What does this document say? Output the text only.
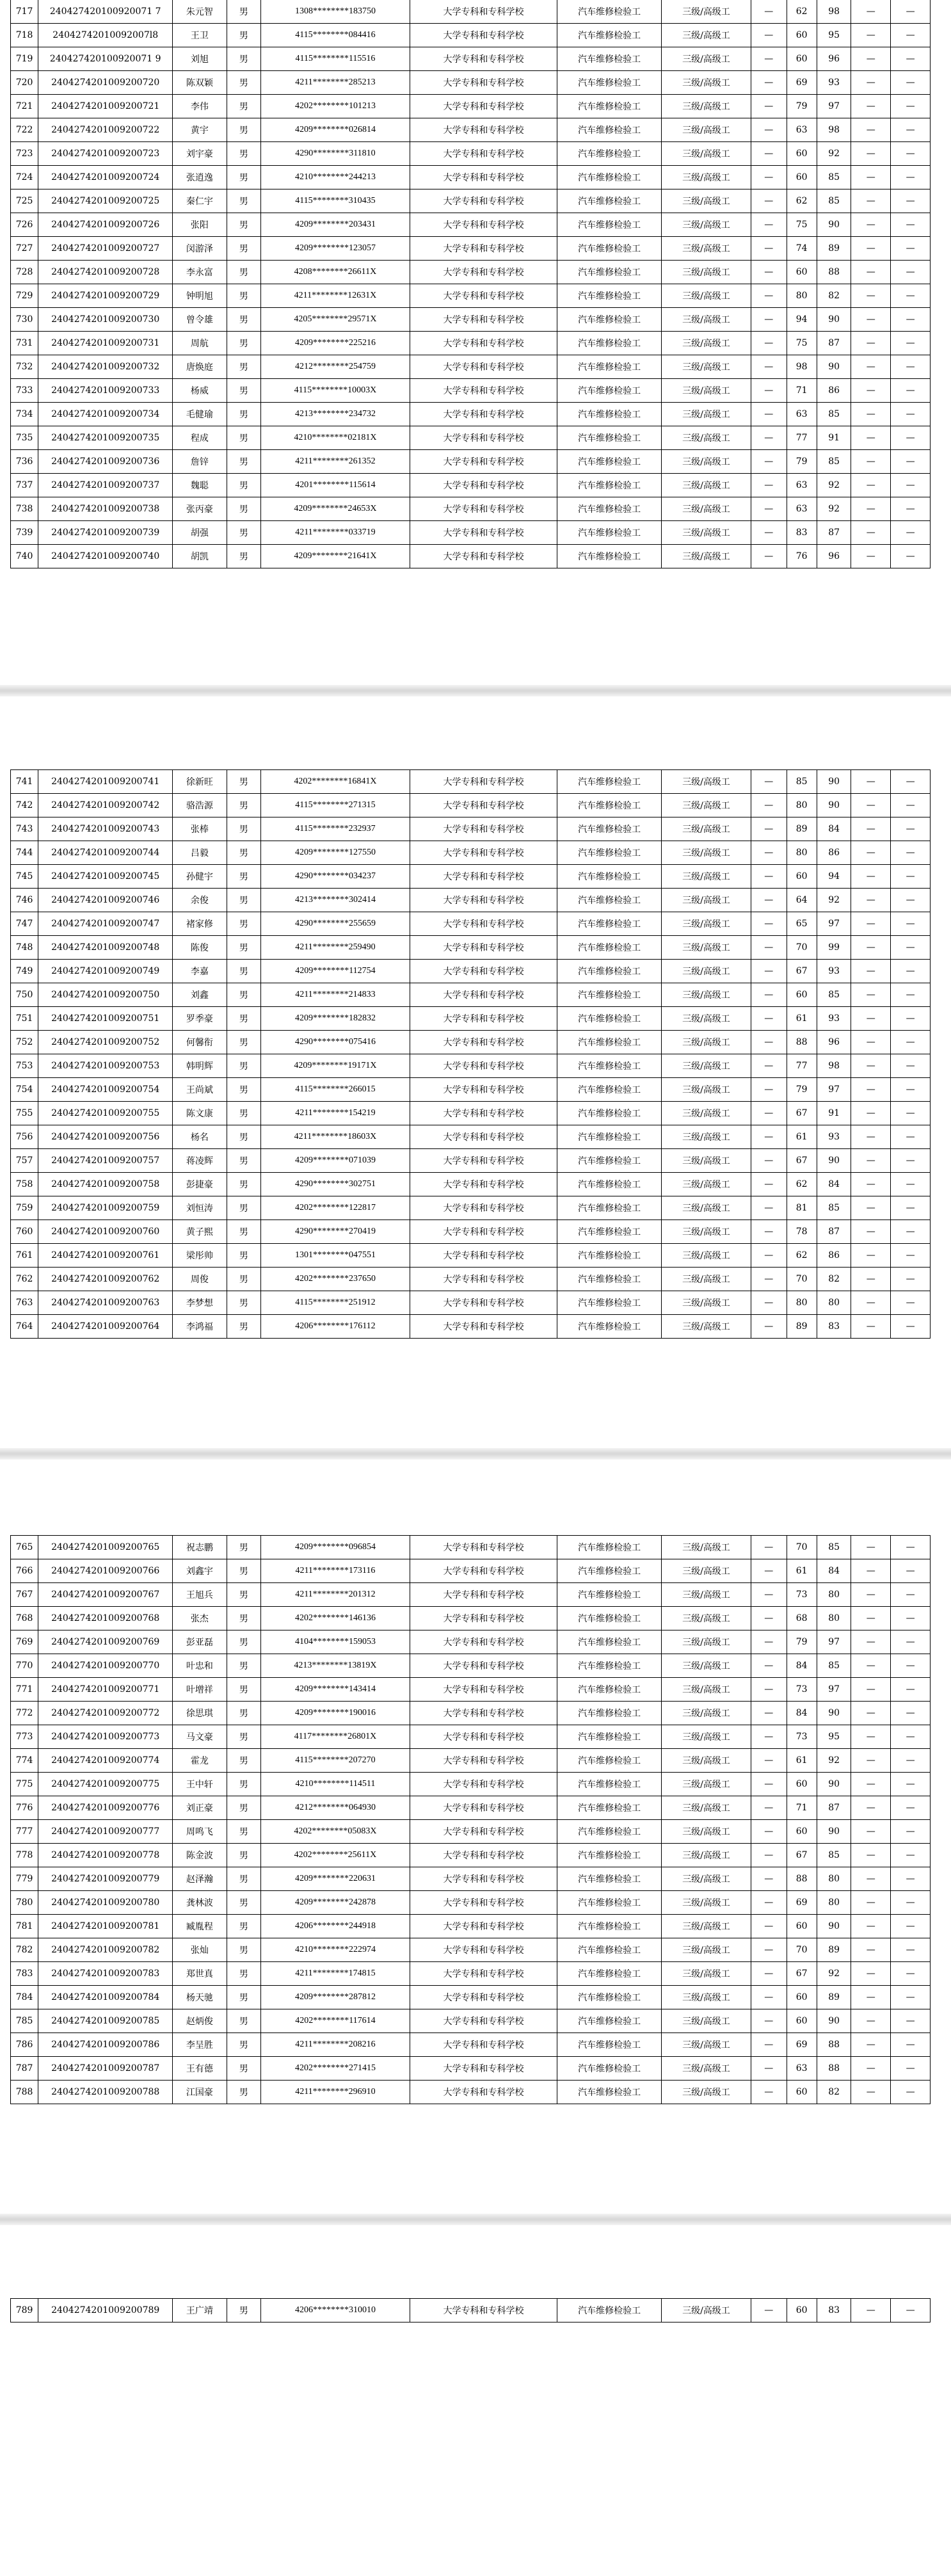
717	240427420100920071 7	朱元智	男	1308********183750	大学专科和专科学校	汽车维修检验工	三级/高级工	—	62	98	—	—
718	24042742010092007l8	王卫	男	4115********084416	大学专科和专科学校	汽车维修检验工	三级/高级工	—	60	95	—	—
719	240427420100920071 9	刘旭	男	4115********115516	大学专科和专科学校	汽车维修检验工	三级/高级工	—	60	96	—	—
720	2404274201009200720	陈双颖	男	4211********285213	大学专科和专科学校	汽车维修检验工	三级/高级工	—	69	93	—	—
721	2404274201009200721	李伟	男	4202********101213	大学专科和专科学校	汽车维修检验工	三级/高级工	—	79	97	—	—
722	2404274201009200722	黄宇	男	4209********026814	大学专科和专科学校	汽车维修检验工	三级/高级工	—	63	98	—	—
723	2404274201009200723	刘宇豪	男	4290********311810	大学专科和专科学校	汽车维修检验工	三级/高级工	—	60	92	—	—
724	2404274201009200724	张逍逸	男	4210********244213	大学专科和专科学校	汽车维修检验工	三级/高级工	—	60	85	—	—
725	2404274201009200725	秦仁宇	男	4115********310435	大学专科和专科学校	汽车维修检验工	三级/高级工	—	62	85	—	—
726	2404274201009200726	张阳	男	4209********203431	大学专科和专科学校	汽车维修检验工	三级/高级工	—	75	90	—	—
727	2404274201009200727	闵游泽	男	4209********123057	大学专科和专科学校	汽车维修检验工	三级/高级工	—	74	89	—	—
728	2404274201009200728	李永富	男	4208********26611X	大学专科和专科学校	汽车维修检验工	三级/高级工	—	60	88	—	—
729	2404274201009200729	钟明旭	男	4211********12631X	大学专科和专科学校	汽车维修检验工	三级/高级工	—	80	82	—	—
730	2404274201009200730	曾令雄	男	4205********29571X	大学专科和专科学校	汽车维修检验工	三级/高级工	—	94	90	—	—
731	2404274201009200731	周航	男	4209********225216	大学专科和专科学校	汽车维修检验工	三级/高级工	—	75	87	—	—
732	2404274201009200732	唐焕庭	男	4212********254759	大学专科和专科学校	汽车维修检验工	三级/高级工	—	98	90	—	—
733	2404274201009200733	杨威	男	4115********10003X	大学专科和专科学校	汽车维修检验工	三级/高级工	—	71	86	—	—
734	2404274201009200734	毛健瑜	男	4213********234732	大学专科和专科学校	汽车维修检验工	三级/高级工	—	63	85	—	—
735	2404274201009200735	程成	男	4210********02181X	大学专科和专科学校	汽车维修检验工	三级/高级工	—	77	91	—	—
736	2404274201009200736	詹锌	男	4211********261352	大学专科和专科学校	汽车维修检验工	三级/高级工	—	79	85	—	—
737	2404274201009200737	魏聪	男	4201********115614	大学专科和专科学校	汽车维修检验工	三级/高级工	—	63	92	—	—
738	2404274201009200738	张丙豪	男	4209********24653X	大学专科和专科学校	汽车维修检验工	三级/高级工	—	63	92	—	—
739	2404274201009200739	胡强	男	4211********033719	大学专科和专科学校	汽车维修检验工	三级/高级工	—	83	87	—	—
740	2404274201009200740	胡凯	男	4209********21641X	大学专科和专科学校	汽车维修检验工	三级/高级工	—	76	96	—	—
741	2404274201009200741	徐新旺	男	4202********16841X	大学专科和专科学校	汽车维修检验工	三级/高级工	—	85	90	—	—
742	2404274201009200742	骆浩源	男	4115********271315	大学专科和专科学校	汽车维修检验工	三级/高级工	—	80	90	—	—
743	2404274201009200743	张棒	男	4115********232937	大学专科和专科学校	汽车维修检验工	三级/高级工	—	89	84	—	—
744	2404274201009200744	吕毅	男	4209********127550	大学专科和专科学校	汽车维修检验工	三级/高级工	—	80	86	—	—
745	2404274201009200745	孙健宇	男	4290********034237	大学专科和专科学校	汽车维修检验工	三级/高级工	—	60	94	—	—
746	2404274201009200746	余俊	男	4213********302414	大学专科和专科学校	汽车维修检验工	三级/高级工	—	64	92	—	—
747	2404274201009200747	褚家修	男	4290********255659	大学专科和专科学校	汽车维修检验工	三级/高级工	—	65	97	—	—
748	2404274201009200748	陈俊	男	4211********259490	大学专科和专科学校	汽车维修检验工	三级/高级工	—	70	99	—	—
749	2404274201009200749	李嘉	男	4209********112754	大学专科和专科学校	汽车维修检验工	三级/高级工	—	67	93	—	—
750	2404274201009200750	刘鑫	男	4211********214833	大学专科和专科学校	汽车维修检验工	三级/高级工	—	60	85	—	—
751	2404274201009200751	罗季豪	男	4209********182832	大学专科和专科学校	汽车维修检验工	三级/高级工	—	61	93	—	—
752	2404274201009200752	何馨衔	男	4290********075416	大学专科和专科学校	汽车维修检验工	三级/高级工	—	88	96	—	—
753	2404274201009200753	韩明辉	男	4209********19171X	大学专科和专科学校	汽车维修检验工	三级/高级工	—	77	98	—	—
754	2404274201009200754	王尚斌	男	4115********266015	大学专科和专科学校	汽车维修检验工	三级/高级工	—	79	97	—	—
755	2404274201009200755	陈文康	男	4211********154219	大学专科和专科学校	汽车维修检验工	三级/高级工	—	67	91	—	—
756	2404274201009200756	杨名	男	4211********18603X	大学专科和专科学校	汽车维修检验工	三级/高级工	—	61	93	—	—
757	2404274201009200757	蒋凌辉	男	4209********071039	大学专科和专科学校	汽车维修检验工	三级/高级工	—	67	90	—	—
758	2404274201009200758	彭捷豪	男	4290********302751	大学专科和专科学校	汽车维修检验工	三级/高级工	—	62	84	—	—
759	2404274201009200759	刘恒涛	男	4202********122817	大学专科和专科学校	汽车维修检验工	三级/高级工	—	81	85	—	—
760	2404274201009200760	黄子熙	男	4290********270419	大学专科和专科学校	汽车维修检验工	三级/高级工	—	78	87	—	—
761	2404274201009200761	梁彤帅	男	1301********047551	大学专科和专科学校	汽车维修检验工	三级/高级工	—	62	86	—	—
762	2404274201009200762	周俊	男	4202********237650	大学专科和专科学校	汽车维修检验工	三级/高级工	—	70	82	—	—
763	2404274201009200763	李梦想	男	4115********251912	大学专科和专科学校	汽车维修检验工	三级/高级工	—	80	80	—	—
764	2404274201009200764	李鸿福	男	4206********176112	大学专科和专科学校	汽车维修检验工	三级/高级工	—	89	83	—	—
765	2404274201009200765	祝志鹏	男	4209********096854	大学专科和专科学校	汽车维修检验工	三级/高级工	—	70	85	—	—
766	2404274201009200766	刘鑫宇	男	4211********173116	大学专科和专科学校	汽车维修检验工	三级/高级工	—	61	84	—	—
767	2404274201009200767	王旭兵	男	4211********201312	大学专科和专科学校	汽车维修检验工	三级/高级工	—	73	80	—	—
768	2404274201009200768	张杰	男	4202********146136	大学专科和专科学校	汽车维修检验工	三级/高级工	—	68	80	—	—
769	2404274201009200769	彭亚磊	男	4104********159053	大学专科和专科学校	汽车维修检验工	三级/高级工	—	79	97	—	—
770	2404274201009200770	叶忠和	男	4213********13819X	大学专科和专科学校	汽车维修检验工	三级/高级工	—	84	85	—	—
771	2404274201009200771	叶增祥	男	4209********143414	大学专科和专科学校	汽车维修检验工	三级/高级工	—	73	97	—	—
772	2404274201009200772	徐思琪	男	4209********190016	大学专科和专科学校	汽车维修检验工	三级/高级工	—	84	90	—	—
773	2404274201009200773	马文豪	男	4117********26801X	大学专科和专科学校	汽车维修检验工	三级/高级工	—	73	95	—	—
774	2404274201009200774	霍龙	男	4115********207270	大学专科和专科学校	汽车维修检验工	三级/高级工	—	61	92	—	—
775	2404274201009200775	王中轩	男	4210********114511	大学专科和专科学校	汽车维修检验工	三级/高级工	—	60	90	—	—
776	2404274201009200776	刘正豪	男	4212********064930	大学专科和专科学校	汽车维修检验工	三级/高级工	—	71	87	—	—
777	2404274201009200777	周鸣飞	男	4202********05083X	大学专科和专科学校	汽车维修检验工	三级/高级工	—	60	90	—	—
778	2404274201009200778	陈金波	男	4202********25611X	大学专科和专科学校	汽车维修检验工	三级/高级工	—	67	85	—	—
779	2404274201009200779	赵泽瀚	男	4209********220631	大学专科和专科学校	汽车维修检验工	三级/高级工	—	88	80	—	—
780	2404274201009200780	龚林波	男	4209********242878	大学专科和专科学校	汽车维修检验工	三级/高级工	—	69	80	—	—
781	2404274201009200781	臧胤程	男	4206********244918	大学专科和专科学校	汽车维修检验工	三级/高级工	—	60	90	—	—
782	2404274201009200782	张灿	男	4210********222974	大学专科和专科学校	汽车维修检验工	三级/高级工	—	70	89	—	—
783	2404274201009200783	郑世真	男	4211********174815	大学专科和专科学校	汽车维修检验工	三级/高级工	—	67	92	—	—
784	2404274201009200784	杨天驰	男	4209********287812	大学专科和专科学校	汽车维修检验工	三级/高级工	—	60	89	—	—
785	2404274201009200785	赵炳俊	男	4202********117614	大学专科和专科学校	汽车维修检验工	三级/高级工	—	60	90	—	—
786	2404274201009200786	李呈胜	男	4211********208216	大学专科和专科学校	汽车维修检验工	三级/高级工	—	69	88	—	—
787	2404274201009200787	王有德	男	4202********271415	大学专科和专科学校	汽车维修检验工	三级/高级工	—	63	88	—	—
788	2404274201009200788	江国豪	男	4211********296910	大学专科和专科学校	汽车维修检验工	三级/高级工	—	60	82	—	—
789	2404274201009200789	王广靖	男	4206********310010	大学专科和专科学校	汽车维修检验工	三级/高级工	—	60	83	—	—
